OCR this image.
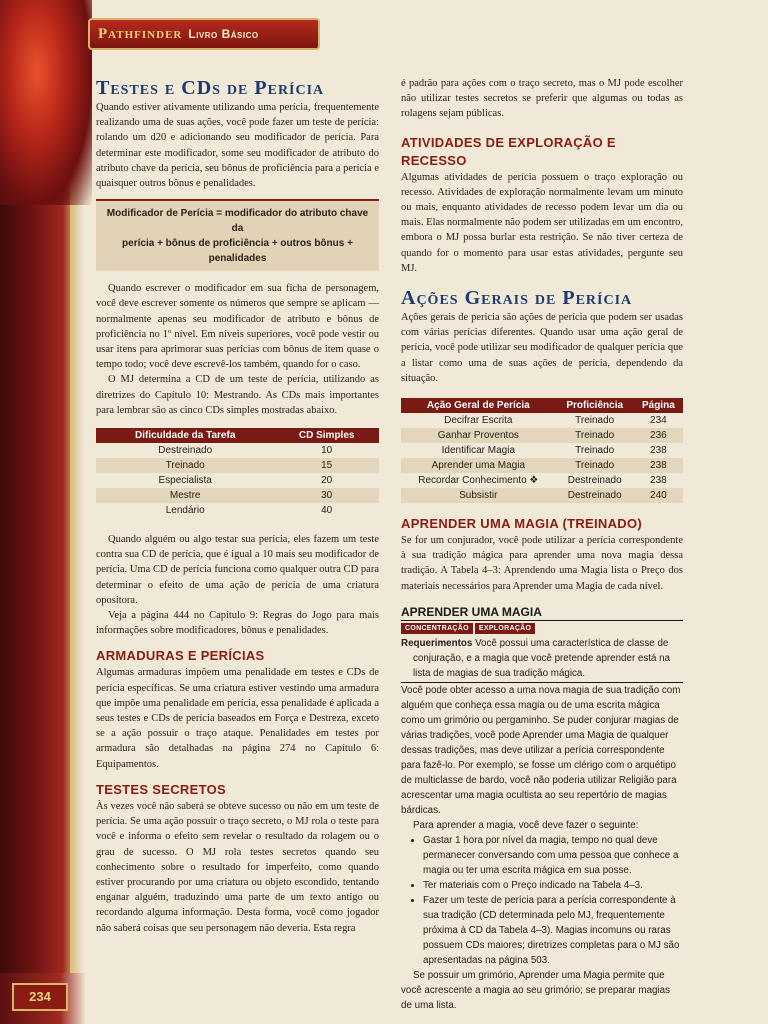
Pathfinder Livro Básico
Testes e CDs de Perícia

Quando estiver ativamente utilizando uma perícia, frequentemente realizando uma de suas ações, você pode fazer um teste de perícia: rolando um d20 e adicionando seu modificador de perícia. Para determinar este modificador, some seu modificador de atributo do atributo chave da perícia, seu bônus de proficiência para a perícia e quaisquer outros bônus e penalidades.

Modificador de Perícia = modificador do atributo chave da
perícia + bônus de proficiência + outros bônus + penalidades

Quando escrever o modificador em sua ficha de personagem, você deve escrever somente os números que sempre se aplicam — normalmente apenas seu modificador de atributo e bônus de proficiência no 1º nível. Em níveis superiores, você pode vestir ou usar itens para aprimorar suas perícias com bônus de item quase o tempo todo; você deve escrevê-los também, quando for o caso.

O MJ determina a CD de um teste de perícia, utilizando as diretrizes do Capítulo 10: Mestrando. As CDs mais importantes para lembrar são as cinco CDs simples mostradas abaixo.

Dificuldade da Tarefa	CD Simples
Destreinado	10
Treinado	15
Especialista	20
Mestre	30
Lendário	40

Quando alguém ou algo testar sua perícia, eles fazem um teste contra sua CD de perícia, que é igual a 10 mais seu modificador de perícia. Uma CD de perícia funciona como qualquer outra CD para determinar o efeito de uma ação de perícia de uma criatura opositora.

Veja a página 444 no Capítulo 9: Regras do Jogo para mais informações sobre modificadores, bônus e penalidades.

ARMADURAS E PERÍCIAS

Algumas armaduras impõem uma penalidade em testes e CDs de perícia específicas. Se uma criatura estiver vestindo uma armadura que impõe uma penalidade em perícia, essa penalidade é aplicada a seus testes e CDs de perícia baseados em Força e Destreza, exceto se a ação possuir o traço ataque. Penalidades em testes por armadura são detalhadas na página 274 no Capítulo 6: Equipamentos.

TESTES SECRETOS

Às vezes você não saberá se obteve sucesso ou não em um teste de perícia. Se uma ação possuir o traço secreto, o MJ rola o teste para você e informa o efeito sem revelar o resultado da rolagem ou o grau de sucesso. O MJ rola testes secretos quando seu conhecimento sobre o resultado for imperfeito, como quando estiver procurando por uma criatura ou objeto escondido, tentando enganar alguém, traduzindo uma parte de um texto antigo ou recordando alguma informação. Desta forma, você como jogador não saberá coisas que seu personagem não deveria. Esta regra

é padrão para ações com o traço secreto, mas o MJ pode escolher não utilizar testes secretos se preferir que algumas ou todas as rolagens sejam públicas.

ATIVIDADES DE EXPLORAÇÃO E RECESSO

Algumas atividades de perícia possuem o traço exploração ou recesso. Atividades de exploração normalmente levam um minuto ou mais, enquanto atividades de recesso podem levar um dia ou mais. Elas normalmente não podem ser utilizadas em um encontro, embora o MJ possa burlar esta restrição. Se não tiver certeza de quando for o momento para usar estas atividades, pergunte seu MJ.

Ações Gerais de Perícia

Ações gerais de perícia são ações de perícia que podem ser usadas com várias perícias diferentes. Quando usar uma ação geral de perícia, você pode utilizar seu modificador de qualquer perícia que a listar como uma de suas ações de perícia, dependendo da situação.

Ação Geral de Perícia	Proficiência	Página
Decifrar Escrita	Treinado	234
Ganhar Proventos	Treinado	236
Identificar Magia	Treinado	238
Aprender uma Magia	Treinado	238
Recordar Conhecimento ❖	Destreinado	238
Subsistir	Destreinado	240
APRENDER UMA MAGIA (TREINADO)

Se for um conjurador, você pode utilizar a perícia correspondente à sua tradição mágica para aprender uma nova magia dessa tradição. A Tabela 4–3: Aprendendo uma Magia lista o Preço dos materiais necessários para Aprender uma Magia de cada nível.

APRENDER UMA MAGIA
CONCENTRAÇÃO	EXPLORAÇÃO
Requerimentos Você possui uma característica de classe de conjuração, e a magia que você pretende aprender está na lista de magias de sua tradição mágica.
Você pode obter acesso a uma nova magia de sua tradição com alguém que conheça essa magia ou de uma escrita mágica como um grimório ou pergaminho. Se puder conjurar magias de várias tradições, você pode Aprender uma Magia de qualquer dessas tradições, mas deve utilizar a perícia correspondente para fazê-lo. Por exemplo, se fosse um clérigo com o arquétipo de multiclasse de bardo, você não poderia utilizar Religião para acrescentar uma magia ocultista ao seu repertório de magias bárdicas.
Para aprender a magia, você deve fazer o seguinte:
• Gastar 1 hora por nível da magia, tempo no qual deve permanecer conversando com uma pessoa que conhece a magia ou ter uma escrita mágica em sua posse.
• Ter materiais com o Preço indicado na Tabela 4–3.
• Fazer um teste de perícia para a perícia correspondente à sua tradição (CD determinada pelo MJ, frequentemente próxima à CD da Tabela 4–3). Magias incomuns ou raras possuem CDs maiores; diretrizes completas para o MJ são apresentadas na página 503.
Se possuir um grimório, Aprender uma Magia permite que você acrescente a magia ao seu grimório; se preparar magias de uma lista.
234
